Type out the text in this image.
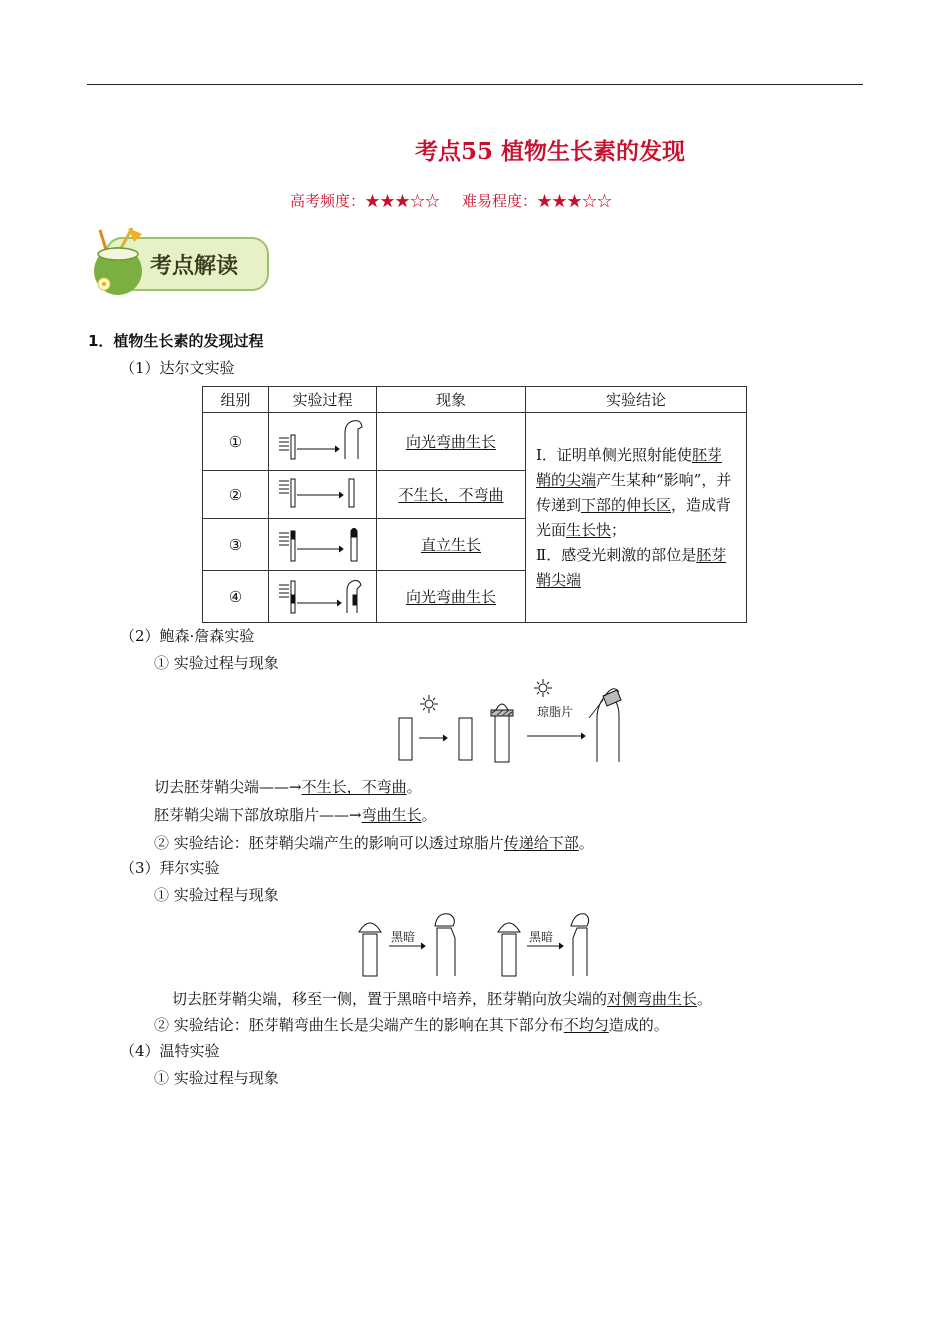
考点55 植物生长素的发现
高考频度：★★★☆☆ 难易程度：★★★☆☆
考点解读
1．植物生长素的发现过程
（1）达尔文实验
组别	实验过程	现象	实验结论
①		向光弯曲生长	Ⅰ．证明单侧光照射能使胚芽鞘的尖端产生某种“影响”，并传递到下部的伸长区，造成背光面生长快；
Ⅱ．感受光刺激的部位是胚芽鞘尖端
②		不生长，不弯曲	
③		直立生长	
④		向光弯曲生长	
（2）鲍森·詹森实验
① 实验过程与现象
琼脂片
切去胚芽鞘尖端——→不生长，不弯曲。
胚芽鞘尖端下部放琼脂片——→弯曲生长。
② 实验结论：胚芽鞘尖端产生的影响可以透过琼脂片传递给下部。
（3）拜尔实验
① 实验过程与现象
黑暗	黑暗
切去胚芽鞘尖端，移至一侧，置于黑暗中培养，胚芽鞘向放尖端的对侧弯曲生长。
② 实验结论：胚芽鞘弯曲生长是尖端产生的影响在其下部分布不均匀造成的。
（4）温特实验
① 实验过程与现象
